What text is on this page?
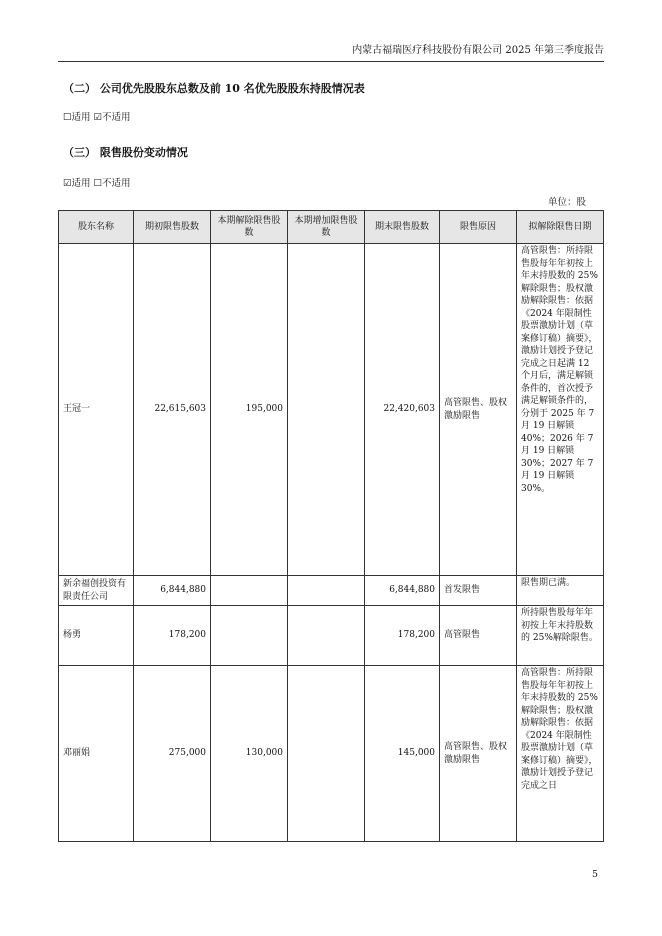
内蒙古福瑞医疗科技股份有限公司 2025 年第三季度报告
（二） 公司优先股股东总数及前 10 名优先股股东持股情况表
☐适用 ☑不适用
（三） 限售股份变动情况
☑适用 ☐不适用
单位：股
股东名称	期初限售股数	本期解除限售股数	本期增加限售股数	期末限售股数	限售原因	拟解除限售日期
王冠一	22,615,603	195,000		22,420,603	高管限售、股权激励限售	高管限售：所持限售股每年年初按上年末持股数的 25%解除限售；股权激励解除限售：依据《2024 年限制性股票激励计划（草案修订稿）摘要》，激励计划授予登记完成之日起满 12 个月后，满足解锁条件的，首次授予满足解锁条件的，分别于 2025 年 7 月 19 日解锁 40%；2026 年 7 月 19 日解锁 30%；2027 年 7 月 19 日解锁 30%。
新余福创投资有限责任公司	6,844,880			6,844,880	首发限售	限售期已满。
杨勇	178,200			178,200	高管限售	所持限售股每年年初按上年末持股数的 25%解除限售。
邓丽娟	275,000	130,000		145,000	高管限售、股权激励限售	高管限售：所持限售股每年年初按上年末持股数的 25%解除限售；股权激励解除限售：依据《2024 年限制性股票激励计划（草案修订稿）摘要》，激励计划授予登记完成之日
5
